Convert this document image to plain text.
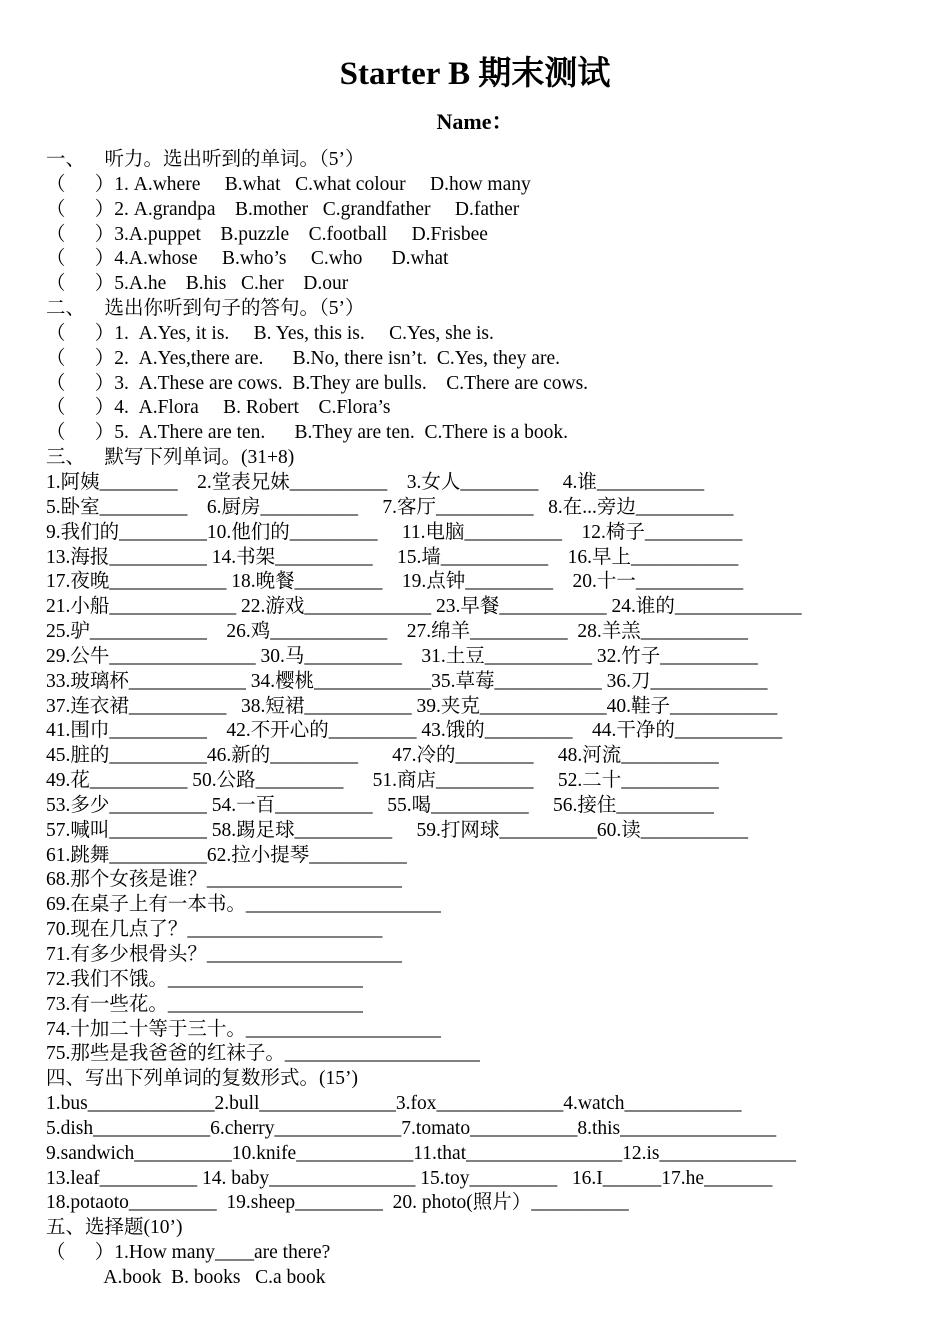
Starter B 期末测试
Name：
一、    听力。选出听到的单词。（5’）
（      ）1. A.where     B.what   C.what colour     D.how many
（      ）2. A.grandpa    B.mother   C.grandfather     D.father
（      ）3.A.puppet    B.puzzle    C.football     D.Frisbee
（      ）4.A.whose     B.who’s     C.who      D.what
（      ）5.A.he    B.his   C.her    D.our
二、    选出你听到句子的答句。（5’）
（      ）1.  A.Yes, it is.     B. Yes, this is.     C.Yes, she is.
（      ）2.  A.Yes,there are.      B.No, there isn’t.  C.Yes, they are.
（      ）3.  A.These are cows.  B.They are bulls.    C.There are cows.
（      ）4.  A.Flora     B. Robert    C.Flora’s
（      ）5.  A.There are ten.      B.They are ten.  C.There is a book.
三、    默写下列单词。(31+8)
1.阿姨________    2.堂表兄妹__________    3.女人________     4.谁___________
5.卧室_________    6.厨房__________     7.客厅__________   8.在...旁边__________
9.我们的_________10.他们的_________     11.电脑__________    12.椅子__________
13.海报__________ 14.书架__________     15.墙___________    16.早上___________
17.夜晚____________ 18.晚餐_________    19.点钟_________    20.十一___________
21.小船_____________ 22.游戏_____________ 23.早餐___________ 24.谁的_____________
25.驴____________    26.鸡____________    27.绵羊__________  28.羊羔___________
29.公牛_______________ 30.马__________    31.土豆___________ 32.竹子__________
33.玻璃杯____________ 34.樱桃____________35.草莓___________ 36.刀____________
37.连衣裙__________   38.短裙___________ 39.夹克_____________40.鞋子___________
41.围巾__________    42.不开心的_________ 43.饿的_________    44.干净的___________
45.脏的__________46.新的_________       47.冷的________     48.河流__________
49.花__________ 50.公路_________      51.商店__________     52.二十__________
53.多少__________ 54.一百__________   55.喝__________     56.接住__________
57.喊叫__________ 58.踢足球__________     59.打网球__________60.读___________
61.跳舞__________62.拉小提琴__________
68.那个女孩是谁？____________________
69.在桌子上有一本书。____________________
70.现在几点了？____________________
71.有多少根骨头？____________________
72.我们不饿。____________________
73.有一些花。____________________
74.十加二十等于三十。____________________
75.那些是我爸爸的红袜子。____________________
四、写出下列单词的复数形式。(15’)
1.bus_____________2.bull______________3.fox_____________4.watch____________
5.dish____________6.cherry_____________7.tomato___________8.this________________
9.sandwich__________10.knife____________11.that________________12.is______________
13.leaf__________ 14. baby_______________ 15.toy_________   16.I______17.he_______
18.potaoto_________  19.sheep_________  20. photo(照片）__________
五、选择题(10’)
（      ）1.How many____are there?
A.book  B. books   C.a book
